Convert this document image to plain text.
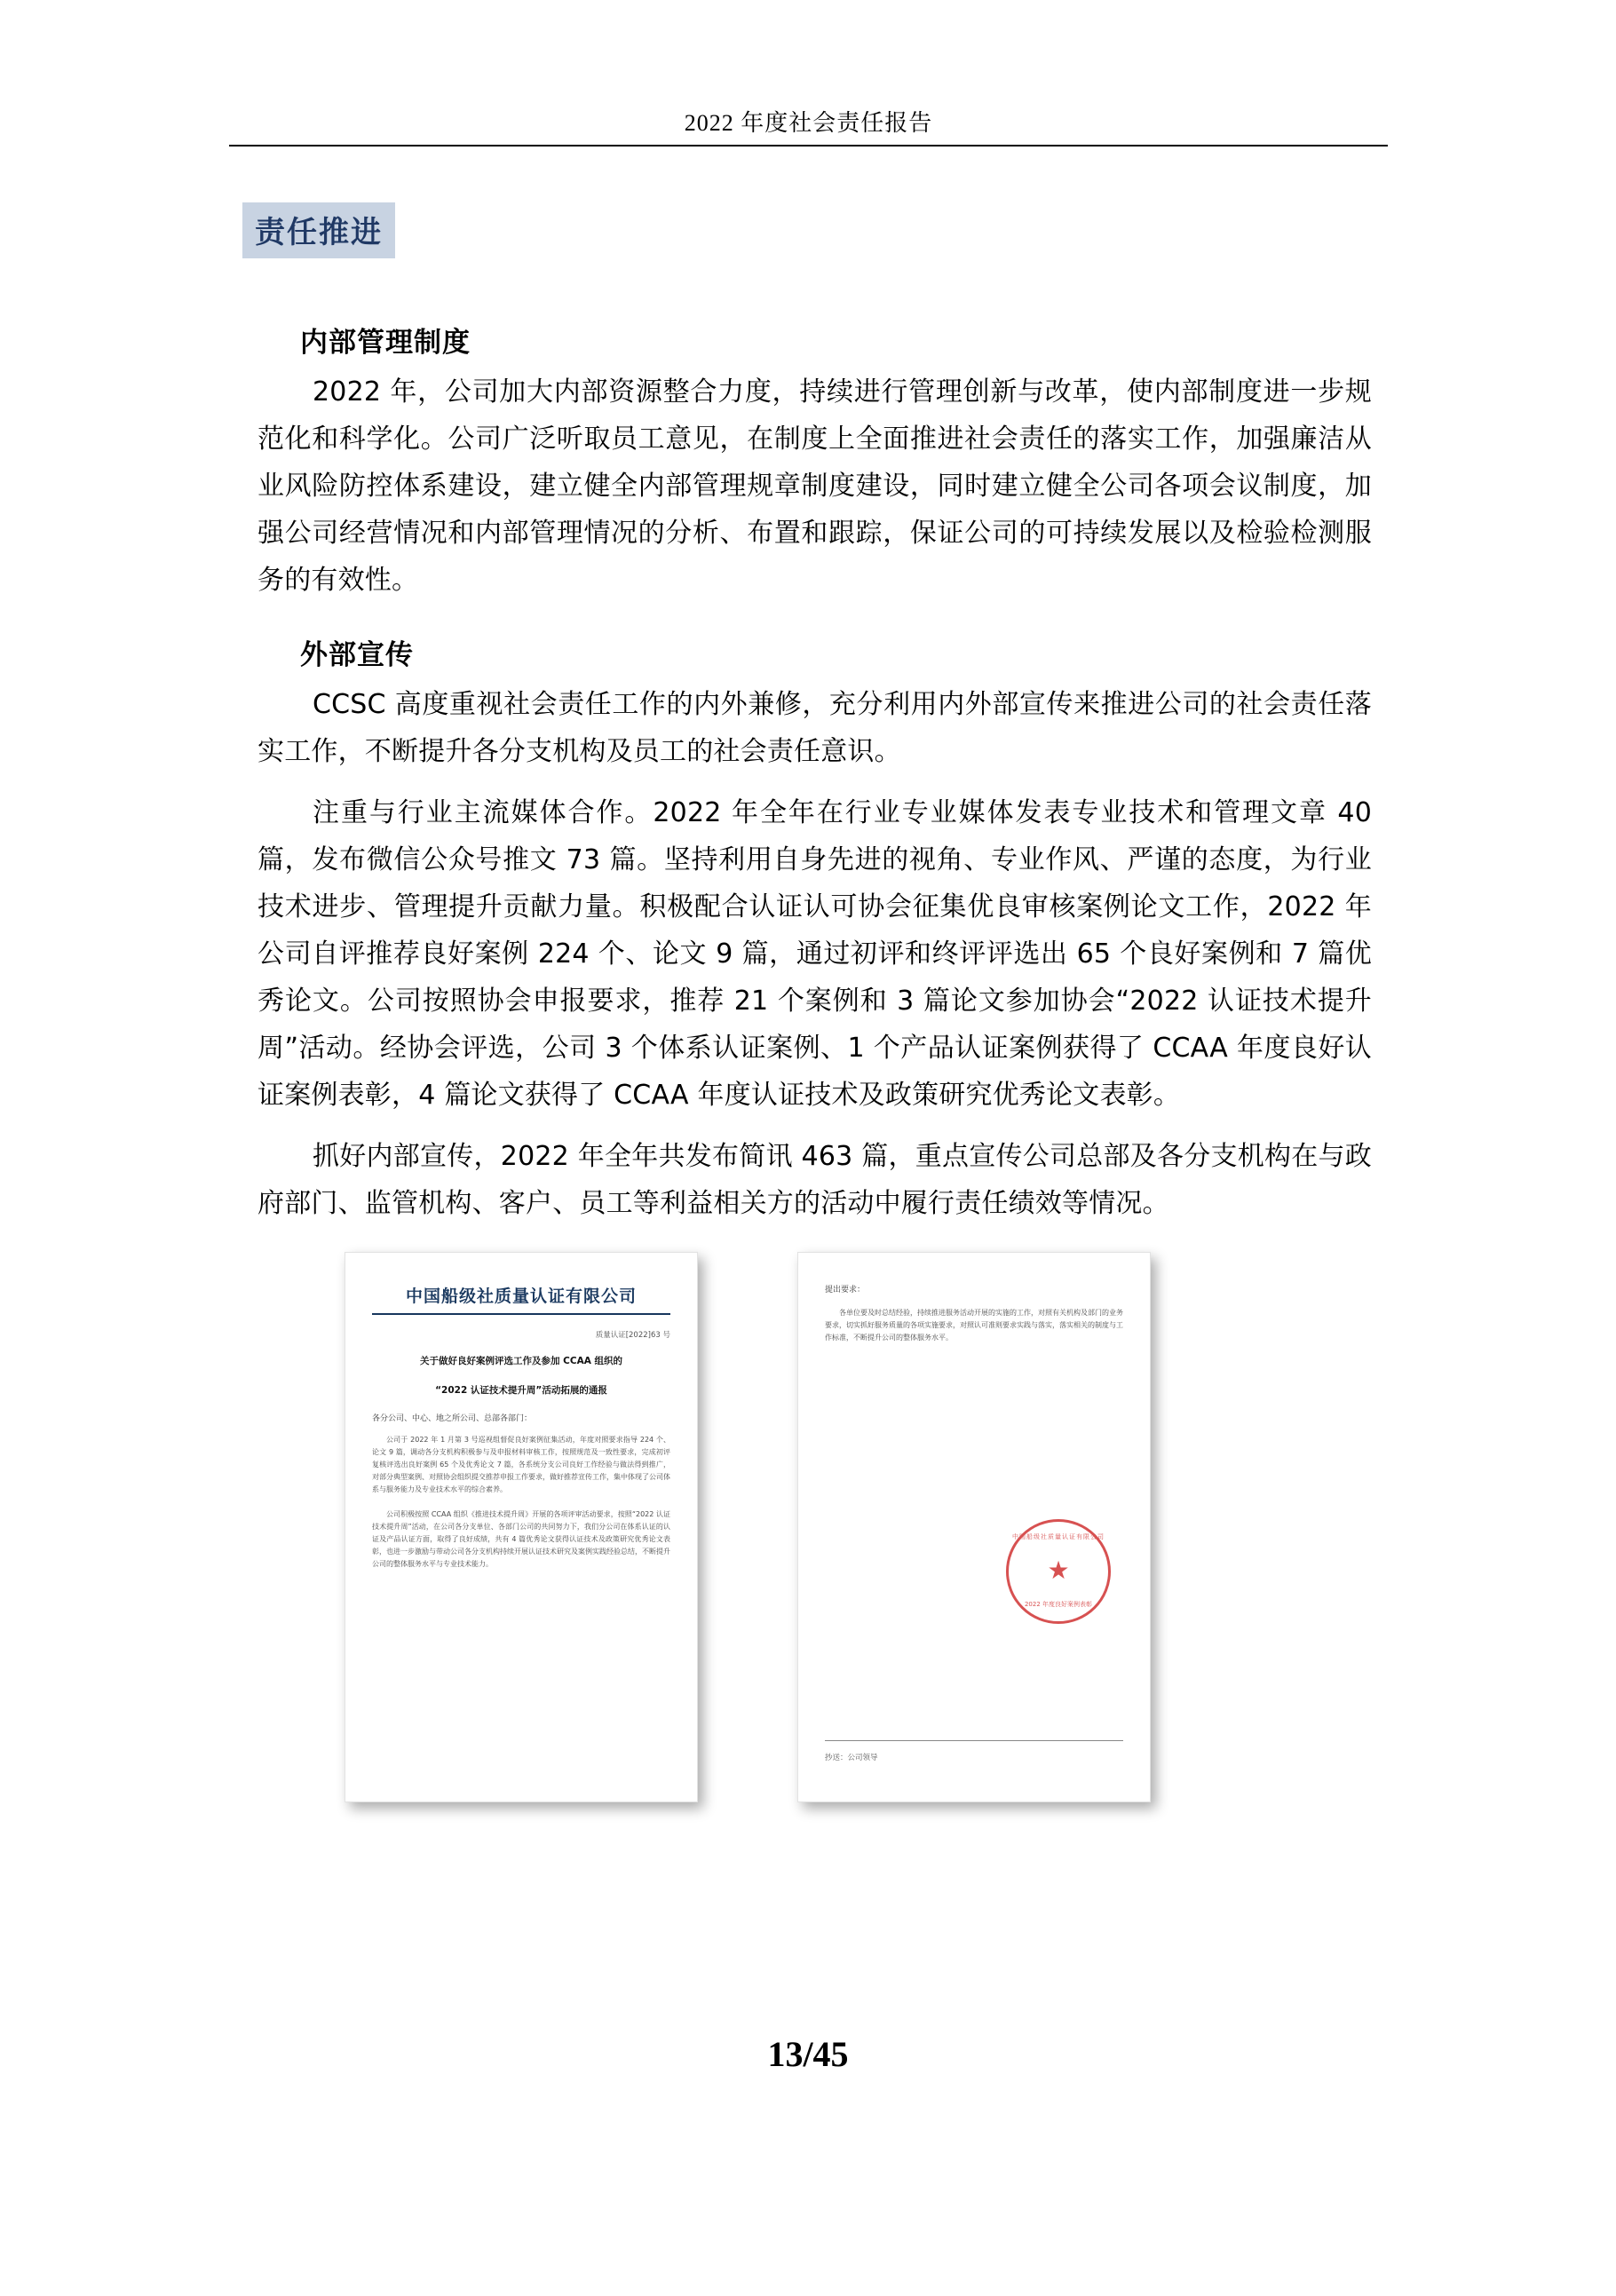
2022 年度社会责任报告
责任推进
内部管理制度

2022 年，公司加大内部资源整合力度，持续进行管理创新与改革，使内部制度进一步规范化和科学化。公司广泛听取员工意见，在制度上全面推进社会责任的落实工作，加强廉洁从业风险防控体系建设，建立健全内部管理规章制度建设，同时建立健全公司各项会议制度，加强公司经营情况和内部管理情况的分析、布置和跟踪，保证公司的可持续发展以及检验检测服务的有效性。

外部宣传

CCSC 高度重视社会责任工作的内外兼修，充分利用内外部宣传来推进公司的社会责任落实工作，不断提升各分支机构及员工的社会责任意识。

注重与行业主流媒体合作。2022 年全年在行业专业媒体发表专业技术和管理文章 40 篇，发布微信公众号推文 73 篇。坚持利用自身先进的视角、专业作风、严谨的态度，为行业技术进步、管理提升贡献力量。积极配合认证认可协会征集优良审核案例论文工作，2022 年公司自评推荐良好案例 224 个、论文 9 篇，通过初评和终评评选出 65 个良好案例和 7 篇优秀论文。公司按照协会申报要求，推荐 21 个案例和 3 篇论文参加协会“2022 认证技术提升周”活动。经协会评选，公司 3 个体系认证案例、1 个产品认证案例获得了 CCAA 年度良好认证案例表彰，4 篇论文获得了 CCAA 年度认证技术及政策研究优秀论文表彰。

抓好内部宣传，2022 年全年共发布简讯 463 篇，重点宣传公司总部及各分支机构在与政府部门、监管机构、客户、员工等利益相关方的活动中履行责任绩效等情况。

中国船级社质量认证有限公司
质量认证[2022]63 号
关于做好良好案例评选工作及参加 CCAA 组织的
“2022 认证技术提升周”活动拓展的通报
各分公司、中心、地之所公司、总部各部门：
公司于 2022 年 1 月第 3 号巡视组督促良好案例征集活动，年度对照要求指导 224 个、论文 9 篇，调动各分支机构积极参与及申报材料审核工作，按照规范及一致性要求，完成初评复核评选出良好案例 65 个及优秀论文 7 篇，各系统分支公司良好工作经验与做法得到推广，对部分典型案例、对照协会组织提交推荐申报工作要求，做好推荐宣传工作，集中体现了公司体系与服务能力及专业技术水平的综合素养。
公司积极按照 CCAA 组织《推进技术提升周》开展的各项评审活动要求，按照“2022 认证技术提升周”活动，在公司各分支单位、各部门公司的共同努力下，我们分公司在体系认证的认证及产品认证方面，取得了良好成绩，共有 4 篇优秀论文获得认证技术及政策研究优秀论文表彰，也进一步激励与带动公司各分支机构持续开展认证技术研究及案例实践经验总结，不断提升公司的整体服务水平与专业技术能力。
提出要求：
各单位要及时总结经验，持续推进服务活动开展的实施的工作，对照有关机构及部门的业务要求，切实抓好服务质量的各项实施要求，对照认可准则要求实践与落实，落实相关的制度与工作标准，不断提升公司的整体服务水平。
中国船级社质量认证有限公司
★
2022 年度良好案例表彰
抄送：公司领导
13/45
